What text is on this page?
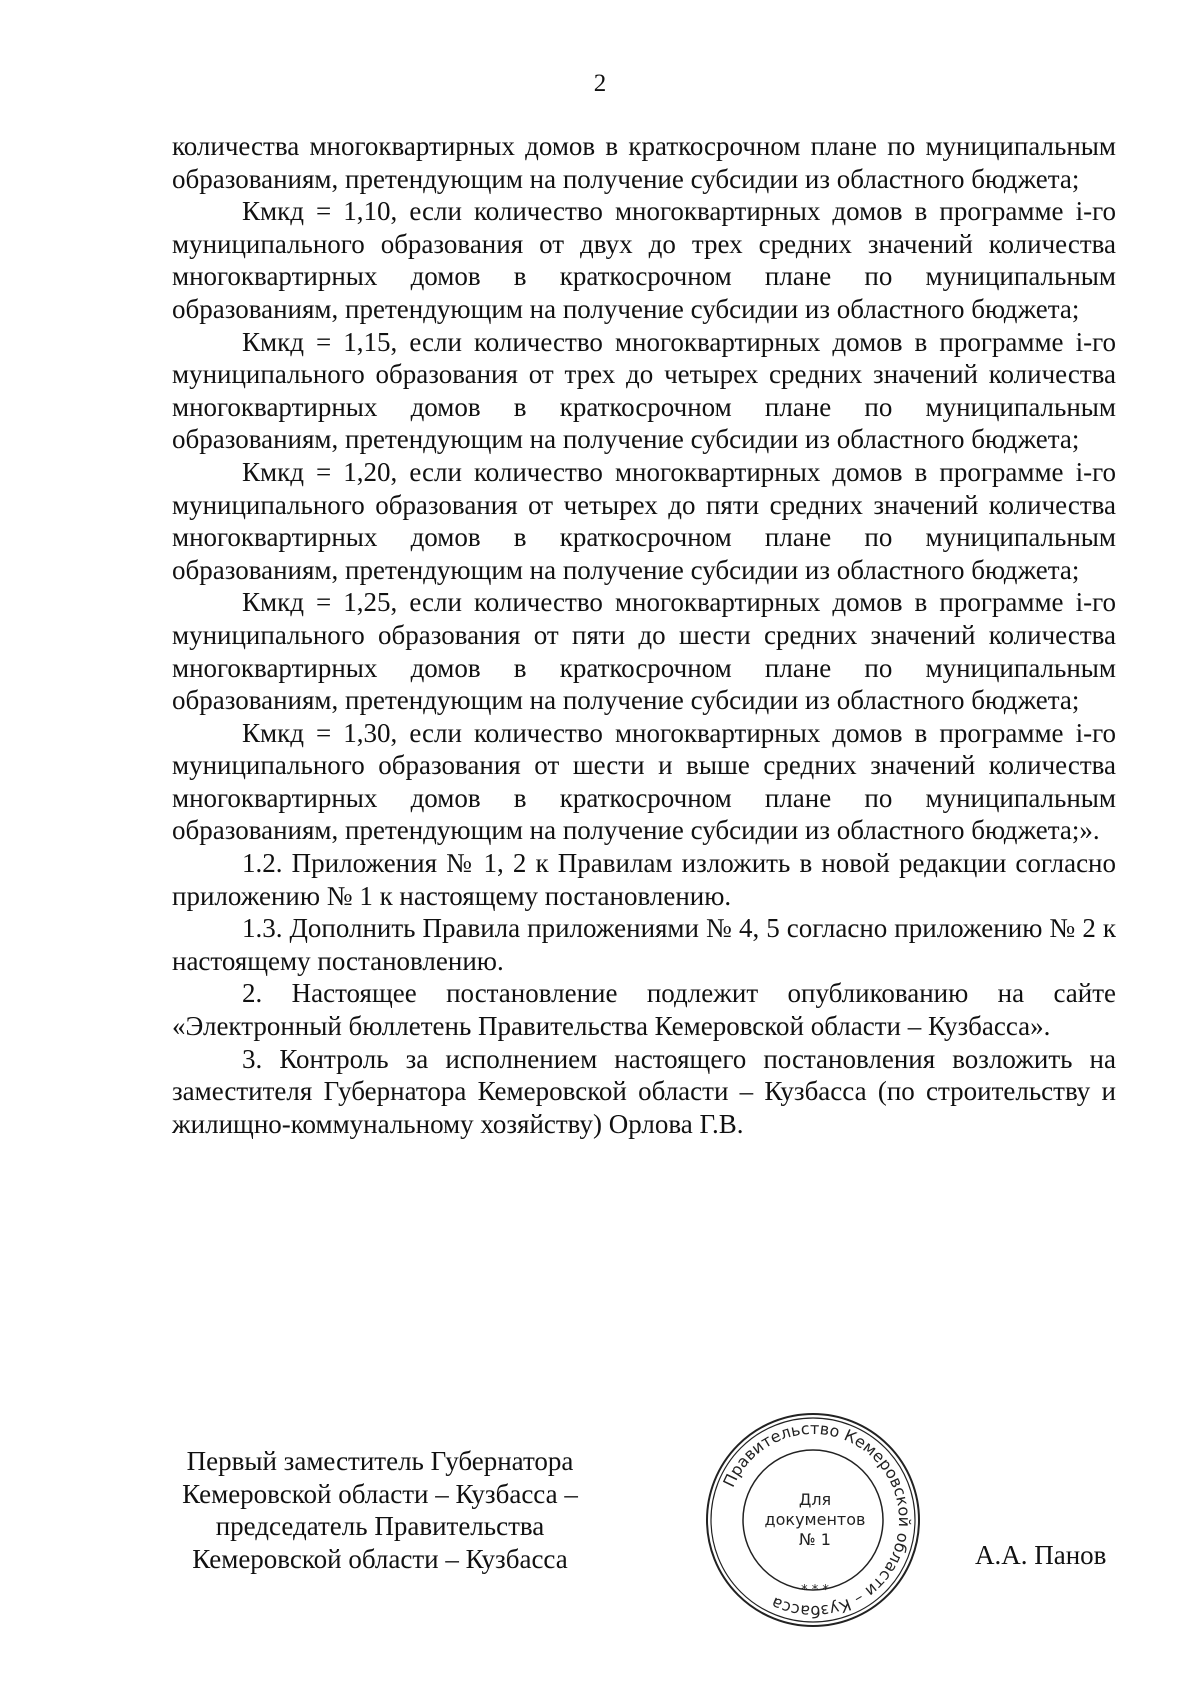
2

количества многоквартирных домов в краткосрочном плане по муниципальным образованиям, претендующим на получение субсидии из областного бюджета;

Кмкд = 1,10, если количество многоквартирных домов в программе i-го муниципального образования от двух до трех средних значений количества многоквартирных домов в краткосрочном плане по муниципальным образованиям, претендующим на получение субсидии из областного бюджета;

Кмкд = 1,15, если количество многоквартирных домов в программе i-го муниципального образования от трех до четырех средних значений количества многоквартирных домов в краткосрочном плане по муниципальным образованиям, претендующим на получение субсидии из областного бюджета;

Кмкд = 1,20, если количество многоквартирных домов в программе i-го муниципального образования от четырех до пяти средних значений количества многоквартирных домов в краткосрочном плане по муниципальным образованиям, претендующим на получение субсидии из областного бюджета;

Кмкд = 1,25, если количество многоквартирных домов в программе i-го муниципального образования от пяти до шести средних значений количества многоквартирных домов в краткосрочном плане по муниципальным образованиям, претендующим на получение субсидии из областного бюджета;

Кмкд = 1,30, если количество многоквартирных домов в программе i-го муниципального образования от шести и выше средних значений количества многоквартирных домов в краткосрочном плане по муниципальным образованиям, претендующим на получение субсидии из областного бюджета;».

1.2. Приложения № 1, 2 к Правилам изложить в новой редакции согласно приложению № 1 к настоящему постановлению.

1.3. Дополнить Правила приложениями № 4, 5 согласно приложению № 2 к настоящему постановлению.

2. Настоящее постановление подлежит опубликованию на сайте «Электронный бюллетень Правительства Кемеровской области – Кузбасса».

3. Контроль за исполнением настоящего постановления возложить на заместителя Губернатора Кемеровской области – Кузбасса (по строительству и жилищно-коммунальному хозяйству) Орлова Г.В.

Первый заместитель Губернатора
Кемеровской области – Кузбасса –
председатель Правительства
Кемеровской области – Кузбасса
Правительство Кемеровской области – Кузбасса
* * *
Для
документов
№ 1
А.А. Панов
